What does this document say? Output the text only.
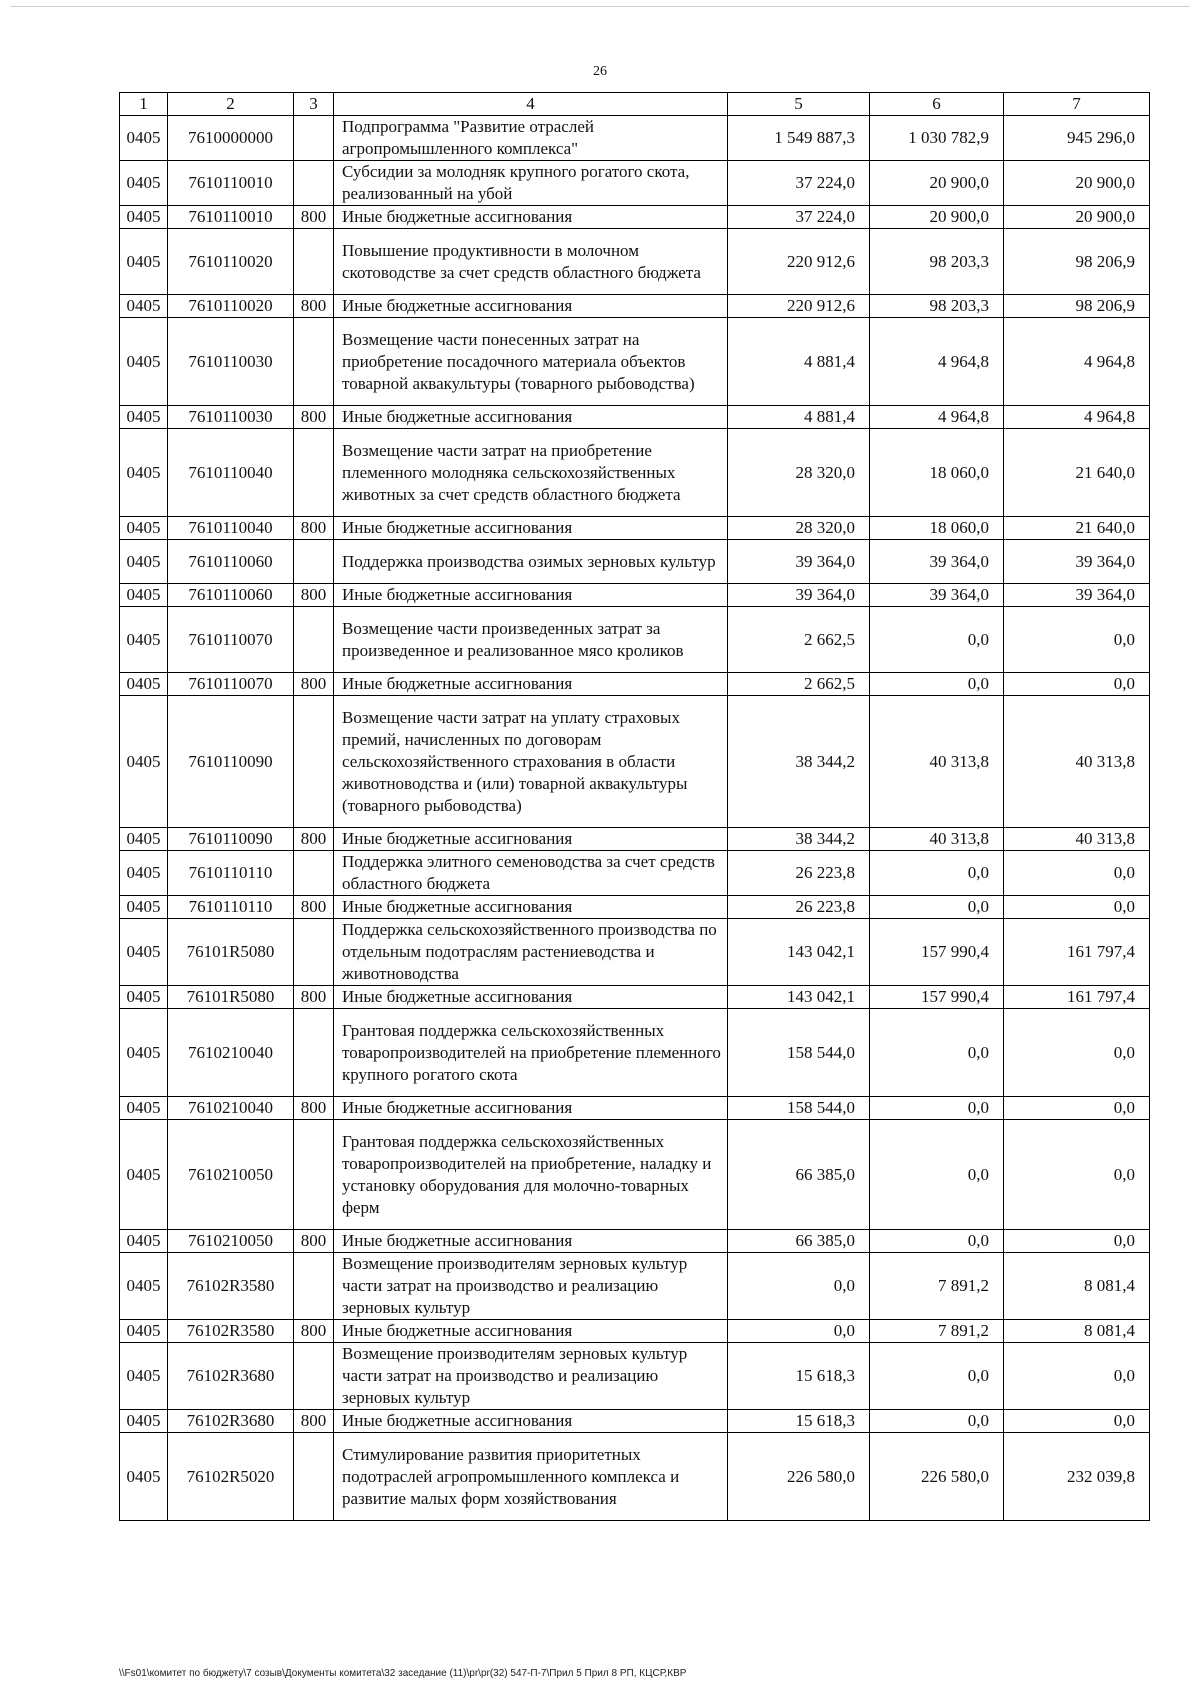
26
1	2	3	4	5	6	7
0405	7610000000		Подпрограмма "Развитие отраслей агропромышленного комплекса"	1 549 887,3	1 030 782,9	945 296,0
0405	7610110010		Субсидии за молодняк крупного рогатого скота, реализованный на убой	37 224,0	20 900,0	20 900,0
0405	7610110010	800	Иные бюджетные ассигнования	37 224,0	20 900,0	20 900,0
0405	7610110020		Повышение продуктивности в молочном скотоводстве за счет средств областного бюджета	220 912,6	98 203,3	98 206,9
0405	7610110020	800	Иные бюджетные ассигнования	220 912,6	98 203,3	98 206,9
0405	7610110030		Возмещение части понесенных затрат на приобретение посадочного материала объектов товарной аквакультуры (товарного рыбоводства)	4 881,4	4 964,8	4 964,8
0405	7610110030	800	Иные бюджетные ассигнования	4 881,4	4 964,8	4 964,8
0405	7610110040		Возмещение части затрат на приобретение племенного молодняка сельскохозяйственных животных за счет средств областного бюджета	28 320,0	18 060,0	21 640,0
0405	7610110040	800	Иные бюджетные ассигнования	28 320,0	18 060,0	21 640,0
0405	7610110060		Поддержка производства озимых зерновых культур	39 364,0	39 364,0	39 364,0
0405	7610110060	800	Иные бюджетные ассигнования	39 364,0	39 364,0	39 364,0
0405	7610110070		Возмещение части произведенных затрат за произведенное и реализованное мясо кроликов	2 662,5	0,0	0,0
0405	7610110070	800	Иные бюджетные ассигнования	2 662,5	0,0	0,0
0405	7610110090		Возмещение части затрат на уплату страховых премий, начисленных по договорам сельскохозяйственного страхования в области животноводства и (или) товарной аквакультуры (товарного рыбоводства)	38 344,2	40 313,8	40 313,8
0405	7610110090	800	Иные бюджетные ассигнования	38 344,2	40 313,8	40 313,8
0405	7610110110		Поддержка элитного семеноводства за счет средств областного бюджета	26 223,8	0,0	0,0
0405	7610110110	800	Иные бюджетные ассигнования	26 223,8	0,0	0,0
0405	76101R5080		Поддержка сельскохозяйственного производства по отдельным подотраслям растениеводства и животноводства	143 042,1	157 990,4	161 797,4
0405	76101R5080	800	Иные бюджетные ассигнования	143 042,1	157 990,4	161 797,4
0405	7610210040		Грантовая поддержка сельскохозяйственных товаропроизводителей на приобретение племенного крупного рогатого скота	158 544,0	0,0	0,0
0405	7610210040	800	Иные бюджетные ассигнования	158 544,0	0,0	0,0
0405	7610210050		Грантовая поддержка сельскохозяйственных товаропроизводителей на приобретение, наладку и установку оборудования для молочно-товарных ферм	66 385,0	0,0	0,0
0405	7610210050	800	Иные бюджетные ассигнования	66 385,0	0,0	0,0
0405	76102R3580		Возмещение производителям зерновых культур части затрат на производство и реализацию зерновых культур	0,0	7 891,2	8 081,4
0405	76102R3580	800	Иные бюджетные ассигнования	0,0	7 891,2	8 081,4
0405	76102R3680		Возмещение производителям зерновых культур части затрат на производство и реализацию зерновых культур	15 618,3	0,0	0,0
0405	76102R3680	800	Иные бюджетные ассигнования	15 618,3	0,0	0,0
0405	76102R5020		Стимулирование развития приоритетных подотраслей агропромышленного комплекса и развитие малых форм хозяйствования	226 580,0	226 580,0	232 039,8
\\Fs01\комитет по бюджету\7 созыв\Документы комитета\32 заседание (11)\pr\pr(32) 547-П-7\Прил 5 Прил 8 РП, КЦСР,КВР
